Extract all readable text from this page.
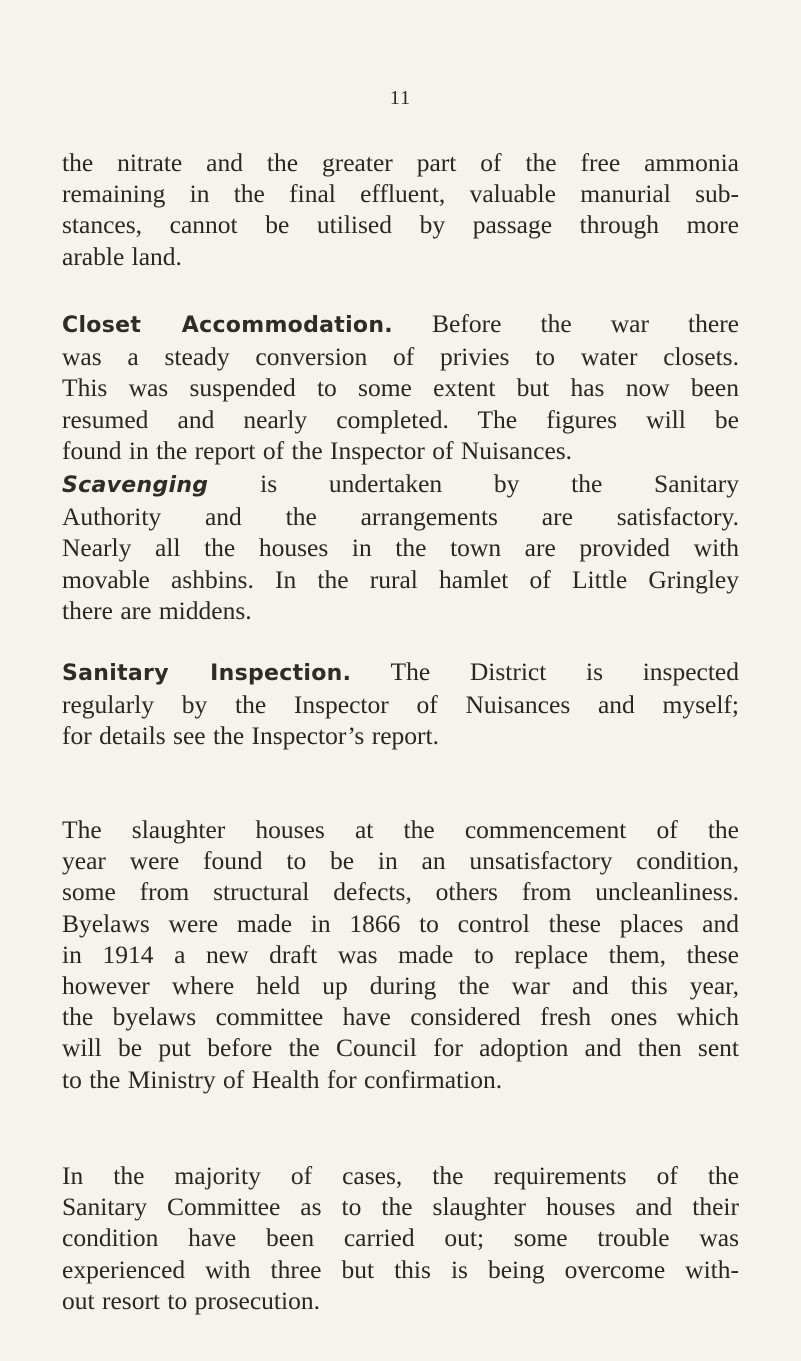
11
the nitrate and the greater part of the free ammonia
remaining in the final effluent, valuable manurial sub-
stances, cannot be utilised by passage through more
arable land.
Closet Accommodation. Before the war there
was a steady conversion of privies to water closets.
This was suspended to some extent but has now been
resumed and nearly completed. The figures will be
found in the report of the Inspector of Nuisances.
Scavenging is undertaken by the Sanitary
Authority and the arrangements are satisfactory.
Nearly all the houses in the town are provided with
movable ashbins. In the rural hamlet of Little Gringley
there are middens.
Sanitary Inspection. The District is inspected
regularly by the Inspector of Nuisances and myself;
for details see the Inspector’s report.
The slaughter houses at the commencement of the
year were found to be in an unsatisfactory condition,
some from structural defects, others from uncleanliness.
Byelaws were made in 1866 to control these places and
in 1914 a new draft was made to replace them, these
however where held up during the war and this year,
the byelaws committee have considered fresh ones which
will be put before the Council for adoption and then sent
to the Ministry of Health for confirmation.
In the majority of cases, the requirements of the
Sanitary Committee as to the slaughter houses and their
condition have been carried out; some trouble was
experienced with three but this is being overcome with-
out resort to prosecution.
